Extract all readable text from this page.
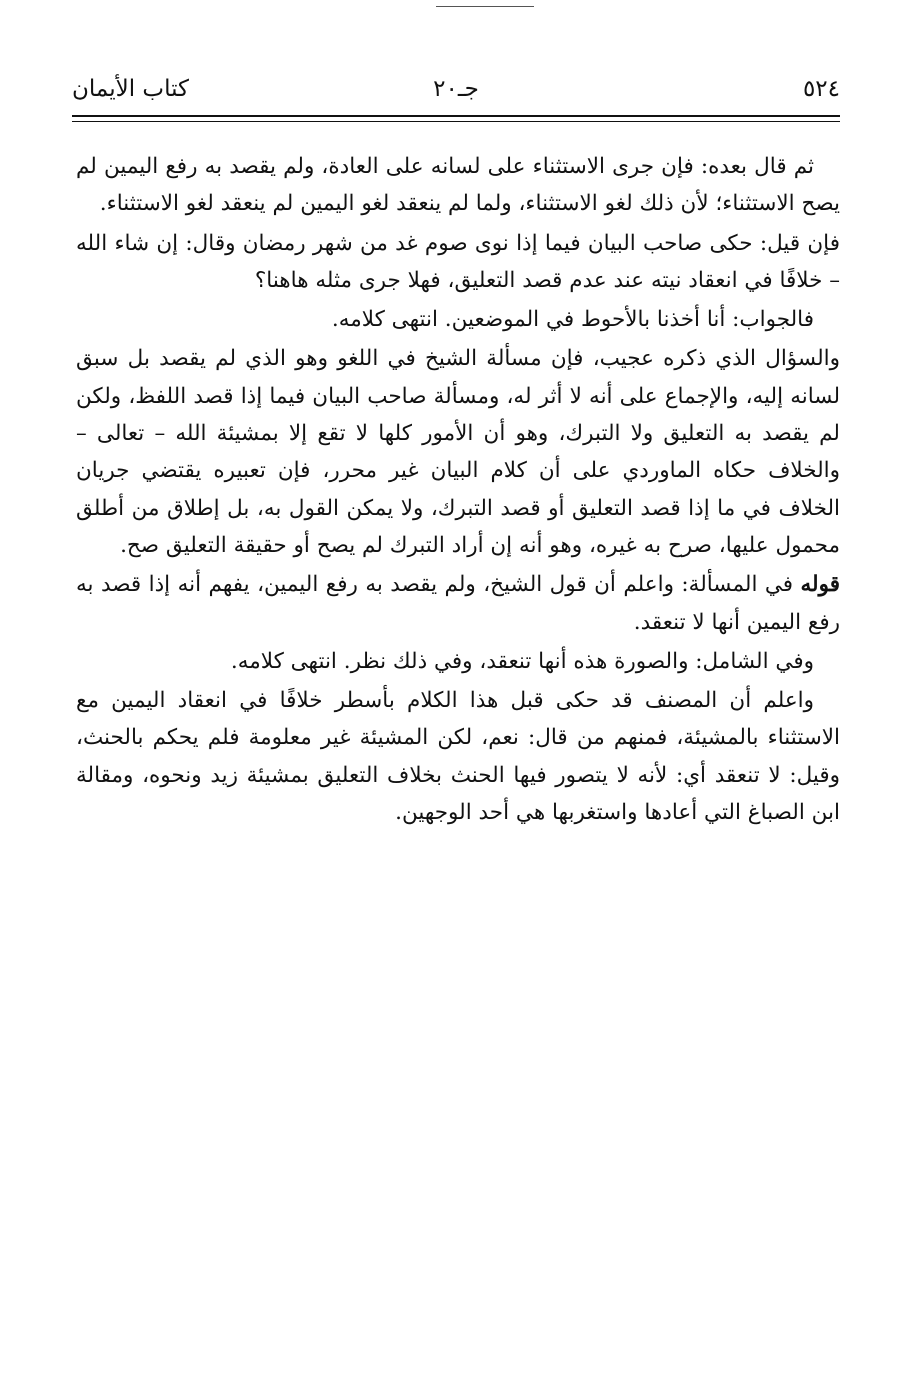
كتاب الأيمان	جـ٢٠	٥٢٤

ثم قال بعده: فإن جرى الاستثناء على لسانه على العادة، ولم يقصد به رفع اليمين لم يصح الاستثناء؛ لأن ذلك لغو الاستثناء، ولما لم ينعقد لغو اليمين لم ينعقد لغو الاستثناء.

فإن قيل: حكى صاحب البيان فيما إذا نوى صوم غد من شهر رمضان وقال: إن شاء الله – خلافًا في انعقاد نيته عند عدم قصد التعليق، فهلا جرى مثله هاهنا؟

فالجواب: أنا أخذنا بالأحوط في الموضعين. انتهى كلامه.

والسؤال الذي ذكره عجيب، فإن مسألة الشيخ في اللغو وهو الذي لم يقصد بل سبق لسانه إليه، والإجماع على أنه لا أثر له، ومسألة صاحب البيان فيما إذا قصد اللفظ، ولكن لم يقصد به التعليق ولا التبرك، وهو أن الأمور كلها لا تقع إلا بمشيئة الله – تعالى – والخلاف حكاه الماوردي على أن كلام البيان غير محرر، فإن تعبيره يقتضي جريان الخلاف في ما إذا قصد التعليق أو قصد التبرك، ولا يمكن القول به، بل إطلاق من أطلق محمول عليها، صرح به غيره، وهو أنه إن أراد التبرك لم يصح أو حقيقة التعليق صح.

قوله في المسألة: واعلم أن قول الشيخ، ولم يقصد به رفع اليمين، يفهم أنه إذا قصد به رفع اليمين أنها لا تنعقد.

وفي الشامل: والصورة هذه أنها تنعقد، وفي ذلك نظر. انتهى كلامه.

واعلم أن المصنف قد حكى قبل هذا الكلام بأسطر خلافًا في انعقاد اليمين مع الاستثناء بالمشيئة، فمنهم من قال: نعم، لكن المشيئة غير معلومة فلم يحكم بالحنث، وقيل: لا تنعقد أي: لأنه لا يتصور فيها الحنث بخلاف التعليق بمشيئة زيد ونحوه، ومقالة ابن الصباغ التي أعادها واستغربها هي أحد الوجهين.
